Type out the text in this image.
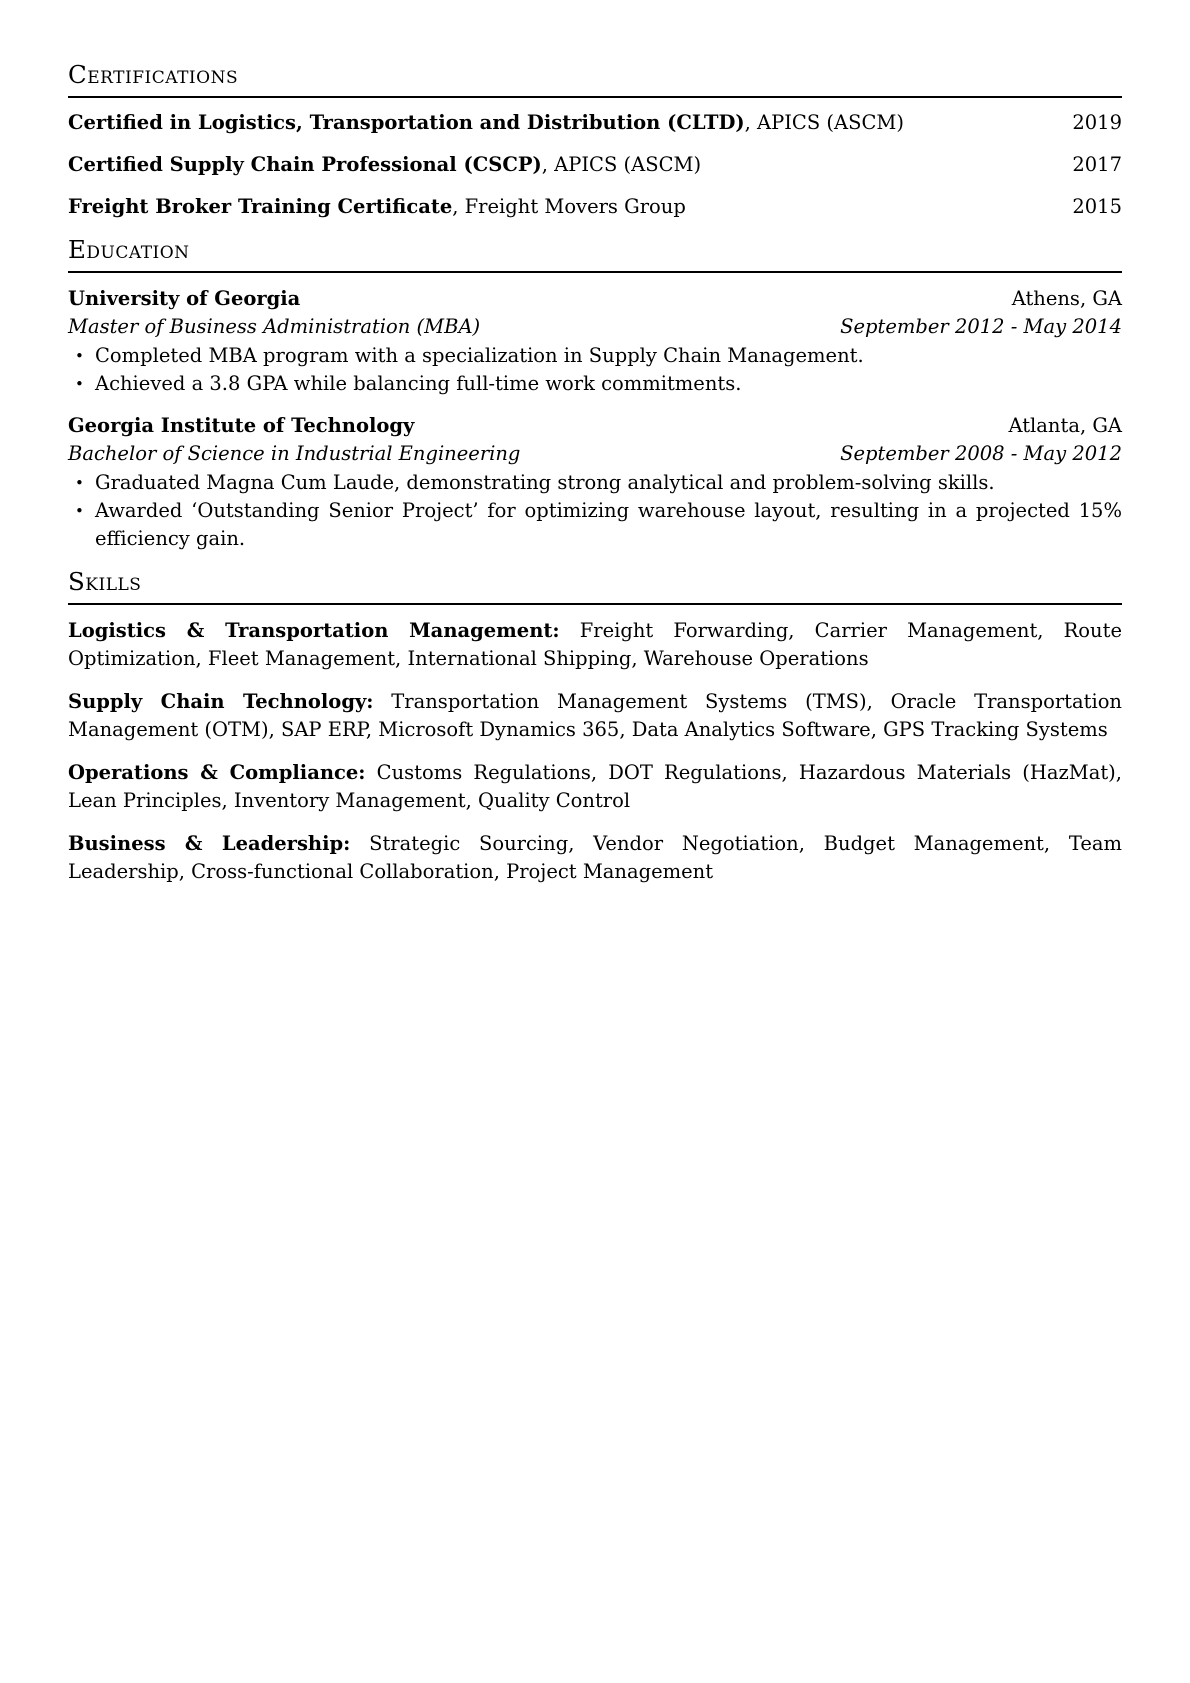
Certifications
Certified in Logistics, Transportation and Distribution (CLTD), APICS (ASCM)	2019
Certified Supply Chain Professional (CSCP), APICS (ASCM)	2017
Freight Broker Training Certificate, Freight Movers Group	2015
Education
University of Georgia	Athens, GA
Master of Business Administration (MBA)	September 2012 - May 2014
• Completed MBA program with a specialization in Supply Chain Management.
• Achieved a 3.8 GPA while balancing full-time work commitments.
Georgia Institute of Technology	Atlanta, GA
Bachelor of Science in Industrial Engineering	September 2008 - May 2012
• Graduated Magna Cum Laude, demonstrating strong analytical and problem-solving skills.
• Awarded ‘Outstanding Senior Project’ for optimizing warehouse layout, resulting in a projected 15% efficiency gain.
Skills

Logistics & Transportation Management: Freight Forwarding, Carrier Management, Route Optimization, Fleet Management, International Shipping, Warehouse Operations

Supply Chain Technology: Transportation Management Systems (TMS), Oracle Transportation Management (OTM), SAP ERP, Microsoft Dynamics 365, Data Analytics Software, GPS Tracking Systems

Operations & Compliance: Customs Regulations, DOT Regulations, Hazardous Materials (HazMat), Lean Principles, Inventory Management, Quality Control

Business & Leadership: Strategic Sourcing, Vendor Negotiation, Budget Management, Team Leadership, Cross-functional Collaboration, Project Management
